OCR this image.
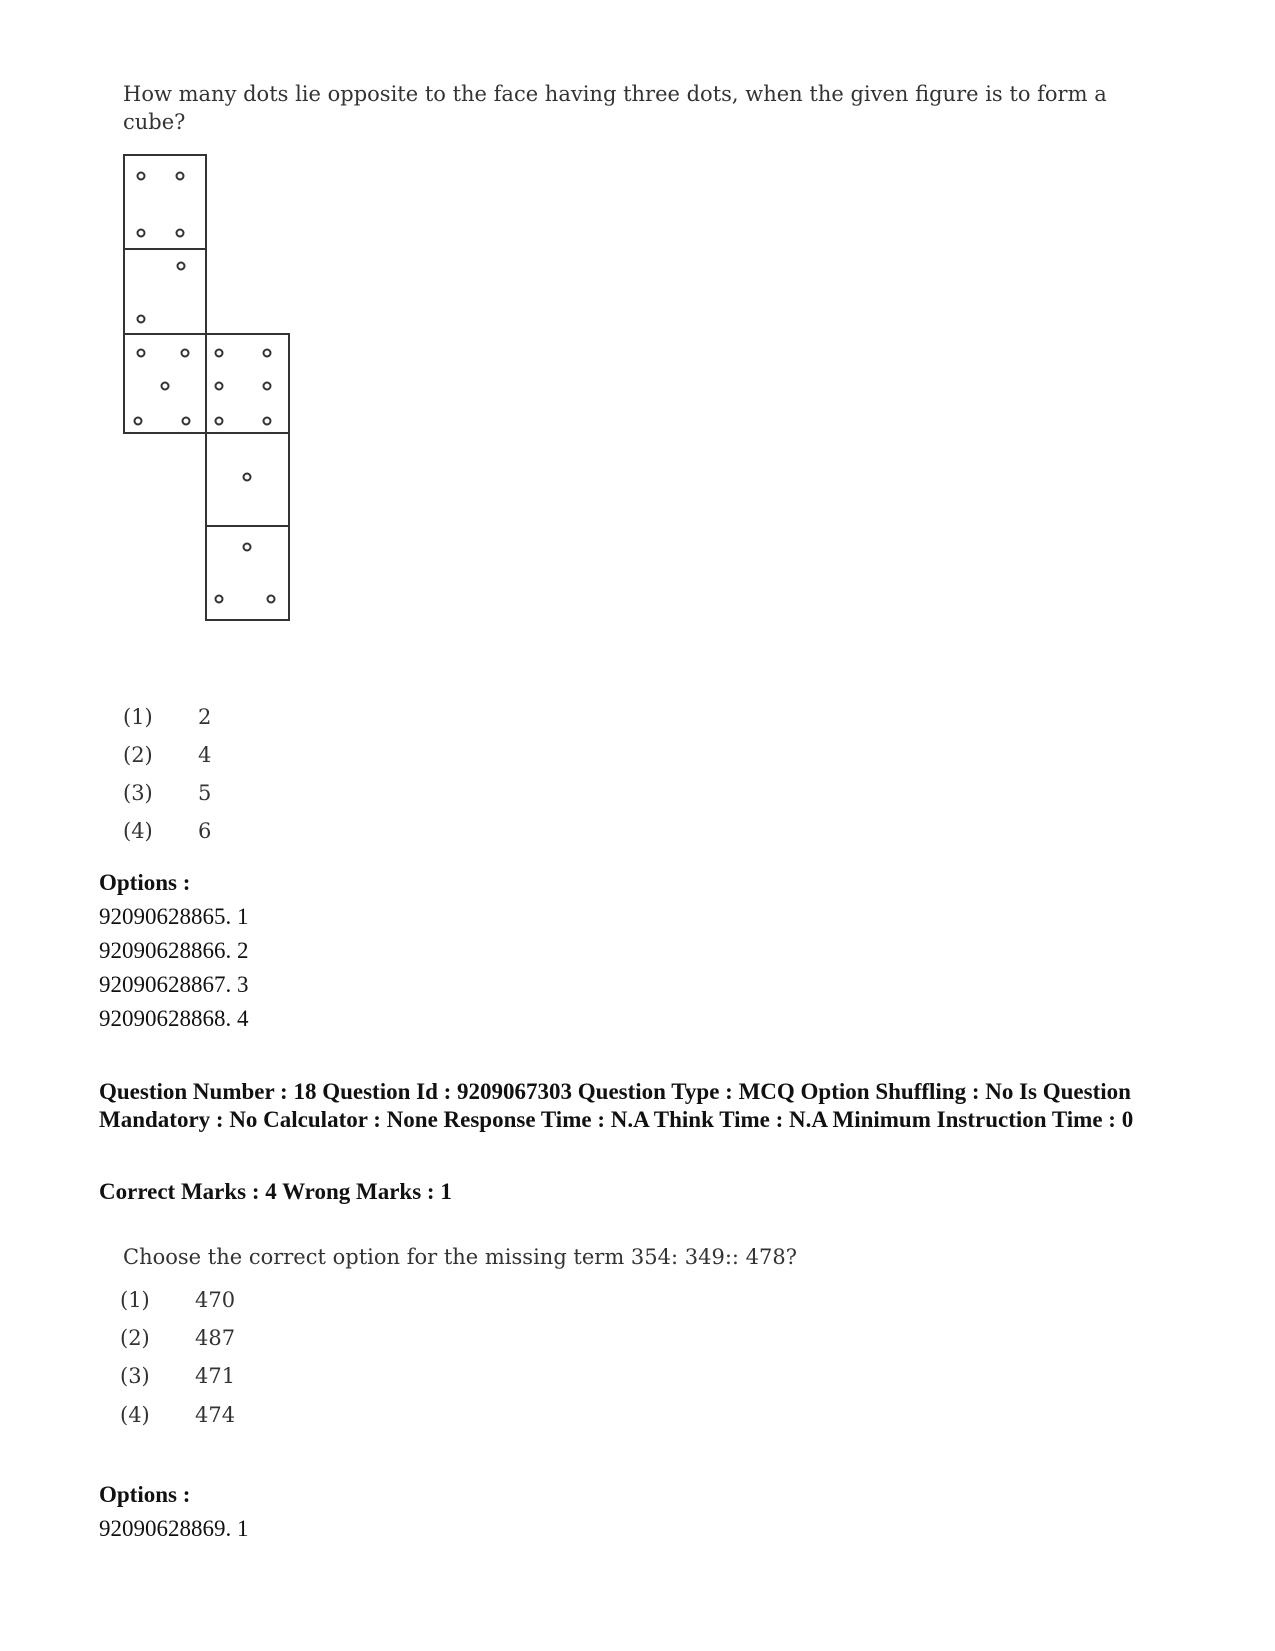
How many dots lie opposite to the face having three dots, when the given figure is to form a cube?
(1) 2
(2) 4
(3) 5
(4) 6
Options :
92090628865. 1
92090628866. 2
92090628867. 3
92090628868. 4
Question Number : 18 Question Id : 9209067303 Question Type : MCQ Option Shuffling : No Is Question Mandatory : No Calculator : None Response Time : N.A Think Time : N.A Minimum Instruction Time : 0
Correct Marks : 4 Wrong Marks : 1
Choose the correct option for the missing term 354: 349:: 478?
(1) 470
(2) 487
(3) 471
(4) 474
Options :
92090628869. 1
